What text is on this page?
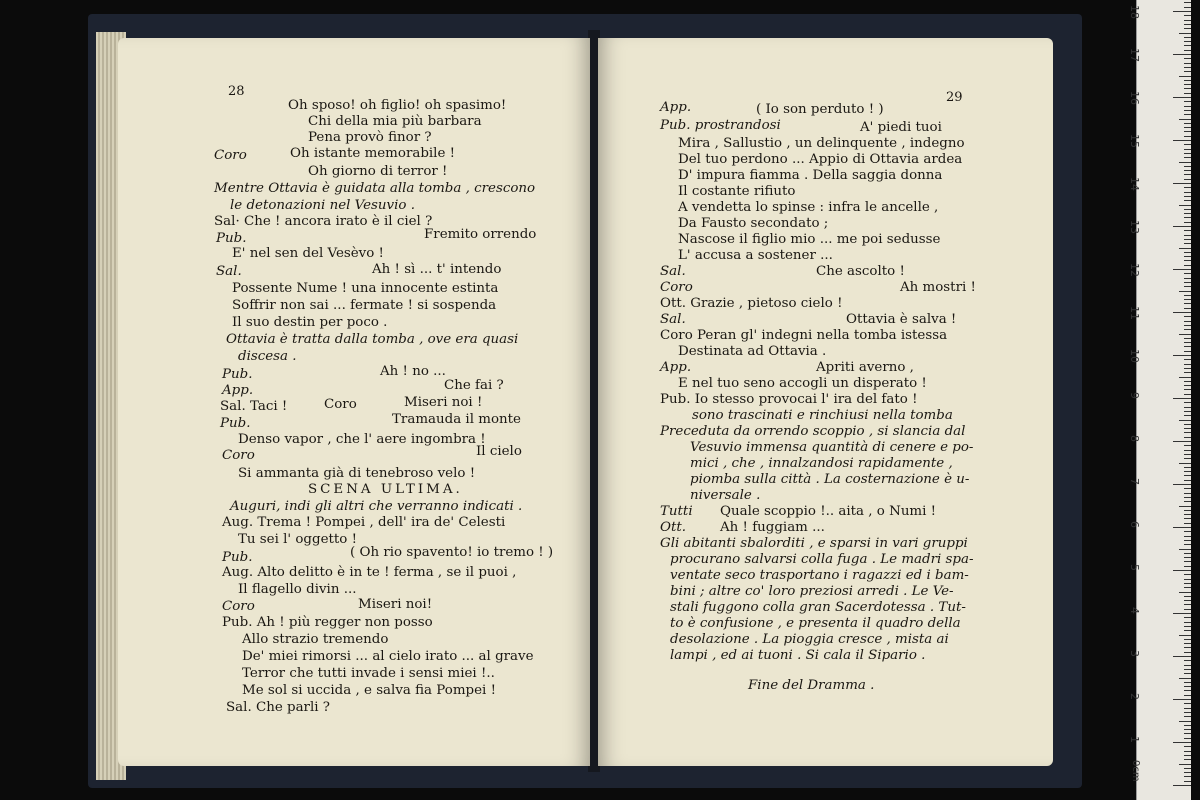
28
Oh sposo! oh figlio! oh spasimo!
Chi della mia più barbara
Pena provò finor ?
Coro	Oh istante memorabile !
Oh giorno di terror !
Mentre Ottavia è guidata alla tomba , crescono
le detonazioni nel Vesuvio .
Sal· Che ! ancora irato è il ciel ?
Pub.	Fremito orrendo
E' nel sen del Vesèvo !
Sal.	Ah ! sì ... t' intendo
Possente Nume ! una innocente estinta
Soffrir non sai ... fermate ! si sospenda
Il suo destin per poco .
Ottavia è tratta dalla tomba , ove era quasi
discesa .
Pub.	Ah ! no ...
App.	Che fai ?
Sal. Taci !	Coro	Miseri noi !
Pub.	Tramauda il monte
Denso vapor , che l' aere ingombra !
Coro	Il cielo
Si ammanta già di tenebroso velo !
SCENA ULTIMA.
Auguri, indi gli altri che verranno indicati .
Aug. Trema ! Pompei , dell' ira de' Celesti
Tu sei l' oggetto !
Pub.	( Oh rio spavento! io tremo ! )
Aug. Alto delitto è in te ! ferma , se il puoi ,
Il flagello divin ...
Coro	Miseri noi!
Pub. Ah ! più regger non posso
Allo strazio tremendo
De' miei rimorsi ... al cielo irato ... al grave
Terror che tutti invade i sensi miei !..
Me sol si uccida , e salva fia Pompei !
Sal. Che parli ?
29
App.	( Io son perduto ! )
Pub. prostrandosi	A' piedi tuoi
Mira , Sallustio , un delinquente , indegno
Del tuo perdono ... Appio di Ottavia ardea
D' impura fiamma . Della saggia donna
Il costante rifiuto
A vendetta lo spinse : infra le ancelle ,
Da Fausto secondato ;
Nascose il figlio mio ... me poi sedusse
L' accusa a sostener ...
Sal.	Che ascolto !
Coro	Ah mostri !
Ott. Grazie , pietoso cielo !
Sal.	Ottavia è salva !
Coro Peran gl' indegni nella tomba istessa
Destinata ad Ottavia .
App.	Apriti averno ,
E nel tuo seno accogli un disperato !
Pub. Io stesso provocai l' ira del fato !
sono trascinati e rinchiusi nella tomba
Preceduta da orrendo scoppio , si slancia dal
Vesuvio immensa quantità di cenere e po-
mici , che , innalzandosi rapidamente ,
piomba sulla città . La costernazione è u-
niversale .
Tutti Quale scoppio !.. aita , o Numi !
Ott.	Ah ! fuggiam ...
Gli abitanti sbalorditi , e sparsi in vari gruppi
procurano salvarsi colla fuga . Le madri spa-
ventate seco trasportano i ragazzi ed i bam-
bini ; altre co' loro preziosi arredi . Le Ve-
stali fuggono colla gran Sacerdotessa . Tut-
to è confusione , e presenta il quadro della
desolazione . La pioggia cresce , mista ai
lampi , ed ai tuoni . Si cala il Sipario .
Fine del Dramma .
0cm
1
2
3
4
5
6
7
8
9
10
11
12
13
14
15
16
17
18
